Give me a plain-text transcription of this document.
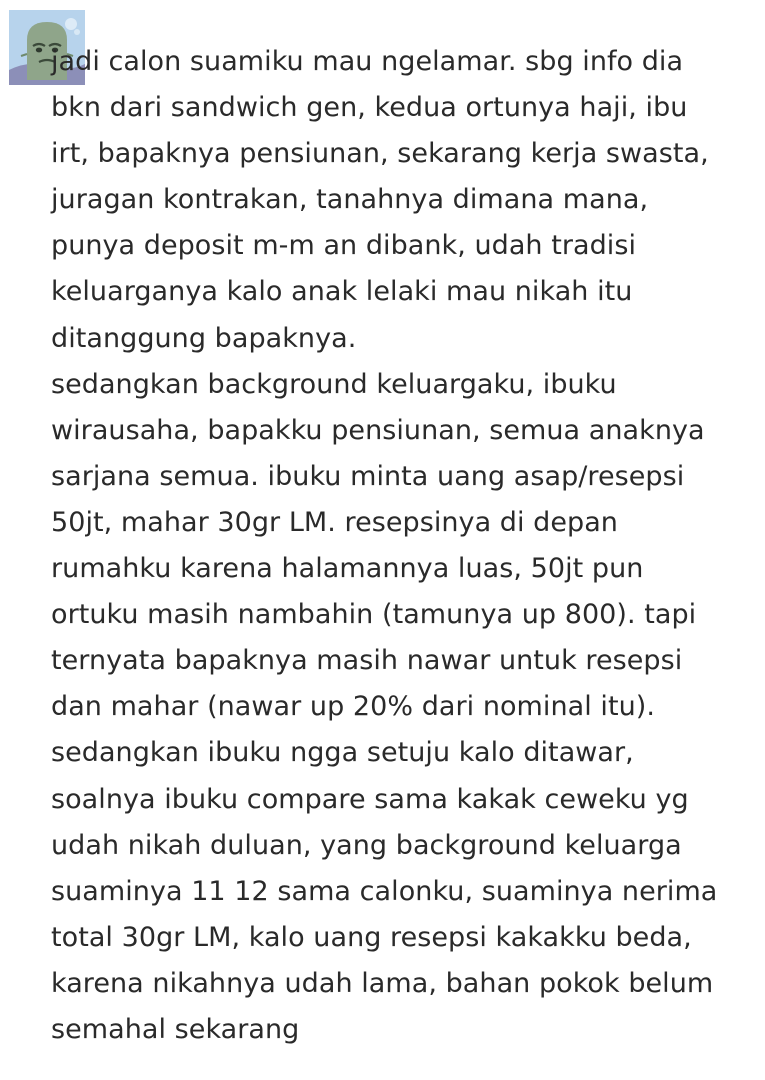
jadi calon suamiku mau ngelamar. sbg info dia
bkn dari sandwich gen, kedua ortunya haji, ibu
irt, bapaknya pensiunan, sekarang kerja swasta,
juragan kontrakan, tanahnya dimana mana,
punya deposit m-m an dibank, udah tradisi
keluarganya kalo anak lelaki mau nikah itu
ditanggung bapaknya.
sedangkan background keluargaku, ibuku
wirausaha, bapakku pensiunan, semua anaknya
sarjana semua. ibuku minta uang asap/resepsi
50jt, mahar 30gr LM. resepsinya di depan
rumahku karena halamannya luas, 50jt pun
ortuku masih nambahin (tamunya up 800). tapi
ternyata bapaknya masih nawar untuk resepsi
dan mahar (nawar up 20% dari nominal itu).
sedangkan ibuku ngga setuju kalo ditawar,
soalnya ibuku compare sama kakak ceweku yg
udah nikah duluan, yang background keluarga
suaminya 11 12 sama calonku, suaminya nerima
total 30gr LM, kalo uang resepsi kakakku beda,
karena nikahnya udah lama, bahan pokok belum
semahal sekarang
